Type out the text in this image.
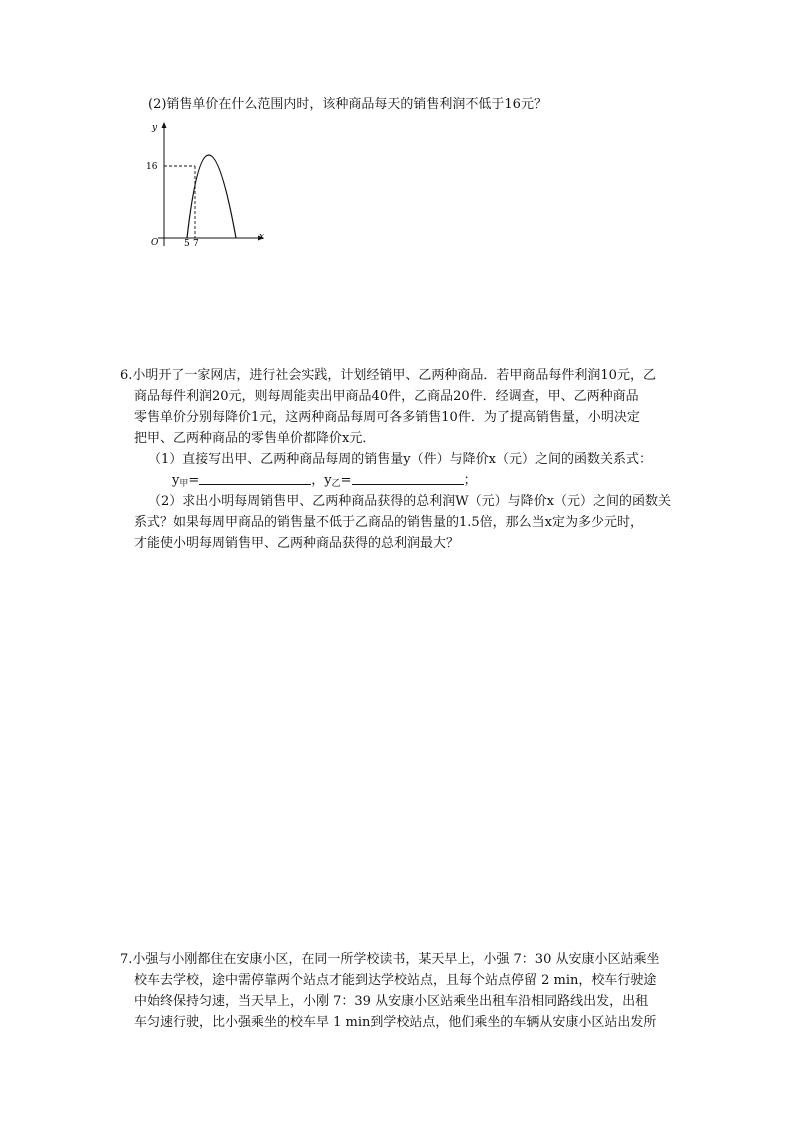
(2)销售单价在什么范围内时，该种商品每天的销售利润不低于16元？
y
x
O
16
5 7
6.小明开了一家网店，进行社会实践，计划经销甲、乙两种商品．若甲商品每件利润10元，乙
商品每件利润20元，则每周能卖出甲商品40件，乙商品20件．经调查，甲、乙两种商品
零售单价分别每降价1元，这两种商品每周可各多销售10件．为了提高销售量，小明决定
把甲、乙两种商品的零售单价都降价x元．
（1）直接写出甲、乙两种商品每周的销售量y（件）与降价x（元）之间的函数关系式：
$y_甲=$	，$y_乙=$	；
（2）求出小明每周销售甲、乙两种商品获得的总利润W（元）与降价x（元）之间的函数关
系式？如果每周甲商品的销售量不低于乙商品的销售量的1.5倍，那么当x定为多少元时，
才能使小明每周销售甲、乙两种商品获得的总利润最大？
7.小强与小刚都住在安康小区，在同一所学校读书，某天早上，小强 7：30 从安康小区站乘坐
校车去学校，途中需停靠两个站点才能到达学校站点，且每个站点停留 2 min，校车行驶途
中始终保持匀速，当天早上，小刚 7：39 从安康小区站乘坐出租车沿相同路线出发，出租
车匀速行驶，比小强乘坐的校车早 1 min到学校站点，他们乘坐的车辆从安康小区站出发所
